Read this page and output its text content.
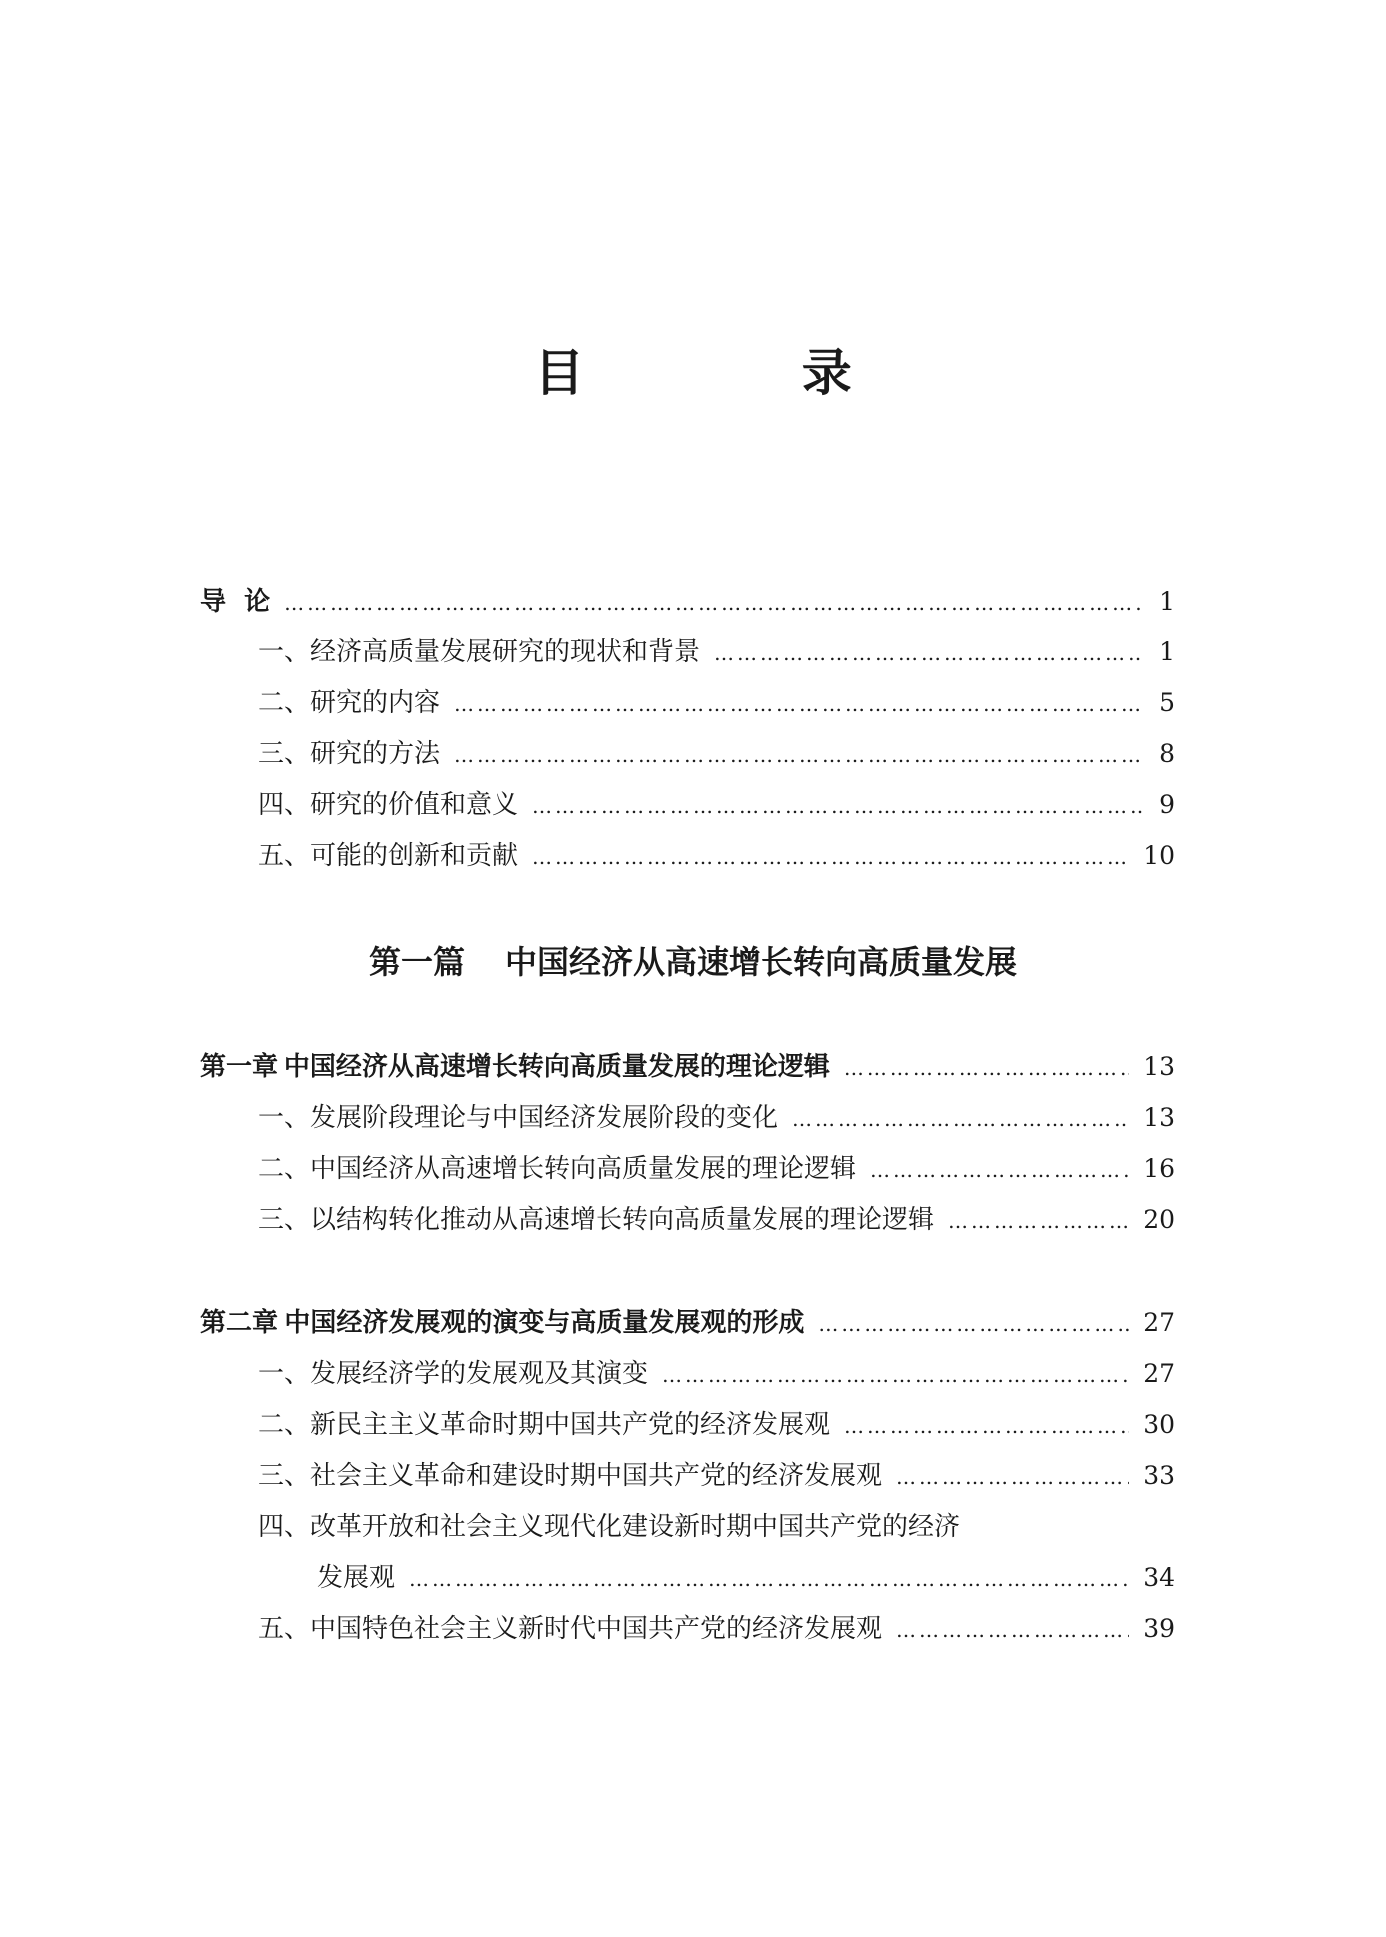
目 录
导  论 …………………………………………………………………………………………………………………………………………………………………………	1
一、 经济高质量发展研究的现状和背景 …………………………………………………………………………………………………………………………………………………………………………	1
二、 研究的内容 …………………………………………………………………………………………………………………………………………………………………………	5
三、 研究的方法 …………………………………………………………………………………………………………………………………………………………………………	8
四、 研究的价值和意义 …………………………………………………………………………………………………………………………………………………………………………	9
五、 可能的创新和贡献 …………………………………………………………………………………………………………………………………………………………………………	10
第一章 中国经济从高速增长转向高质量发展的理论逻辑 …………………………………………………………………………………………………………………………………………………………………………	13
一、 发展阶段理论与中国经济发展阶段的变化 …………………………………………………………………………………………………………………………………………………………………………	13
二、 中国经济从高速增长转向高质量发展的理论逻辑 …………………………………………………………………………………………………………………………………………………………………………	16
三、 以结构转化推动从高速增长转向高质量发展的理论逻辑 …………………………………………………………………………………………………………………………………………………………………………	20
第二章 中国经济发展观的演变与高质量发展观的形成 …………………………………………………………………………………………………………………………………………………………………………	27
一、 发展经济学的发展观及其演变 …………………………………………………………………………………………………………………………………………………………………………	27
二、 新民主主义革命时期中国共产党的经济发展观 …………………………………………………………………………………………………………………………………………………………………………	30
三、 社会主义革命和建设时期中国共产党的经济发展观 …………………………………………………………………………………………………………………………………………………………………………	33
四、 改革开放和社会主义现代化建设新时期中国共产党的经济
发展观 …………………………………………………………………………………………………………………………………………………………………………	34
五、 中国特色社会主义新时代中国共产党的经济发展观 …………………………………………………………………………………………………………………………………………………………………………	39
第一篇 中国经济从高速增长转向高质量发展
